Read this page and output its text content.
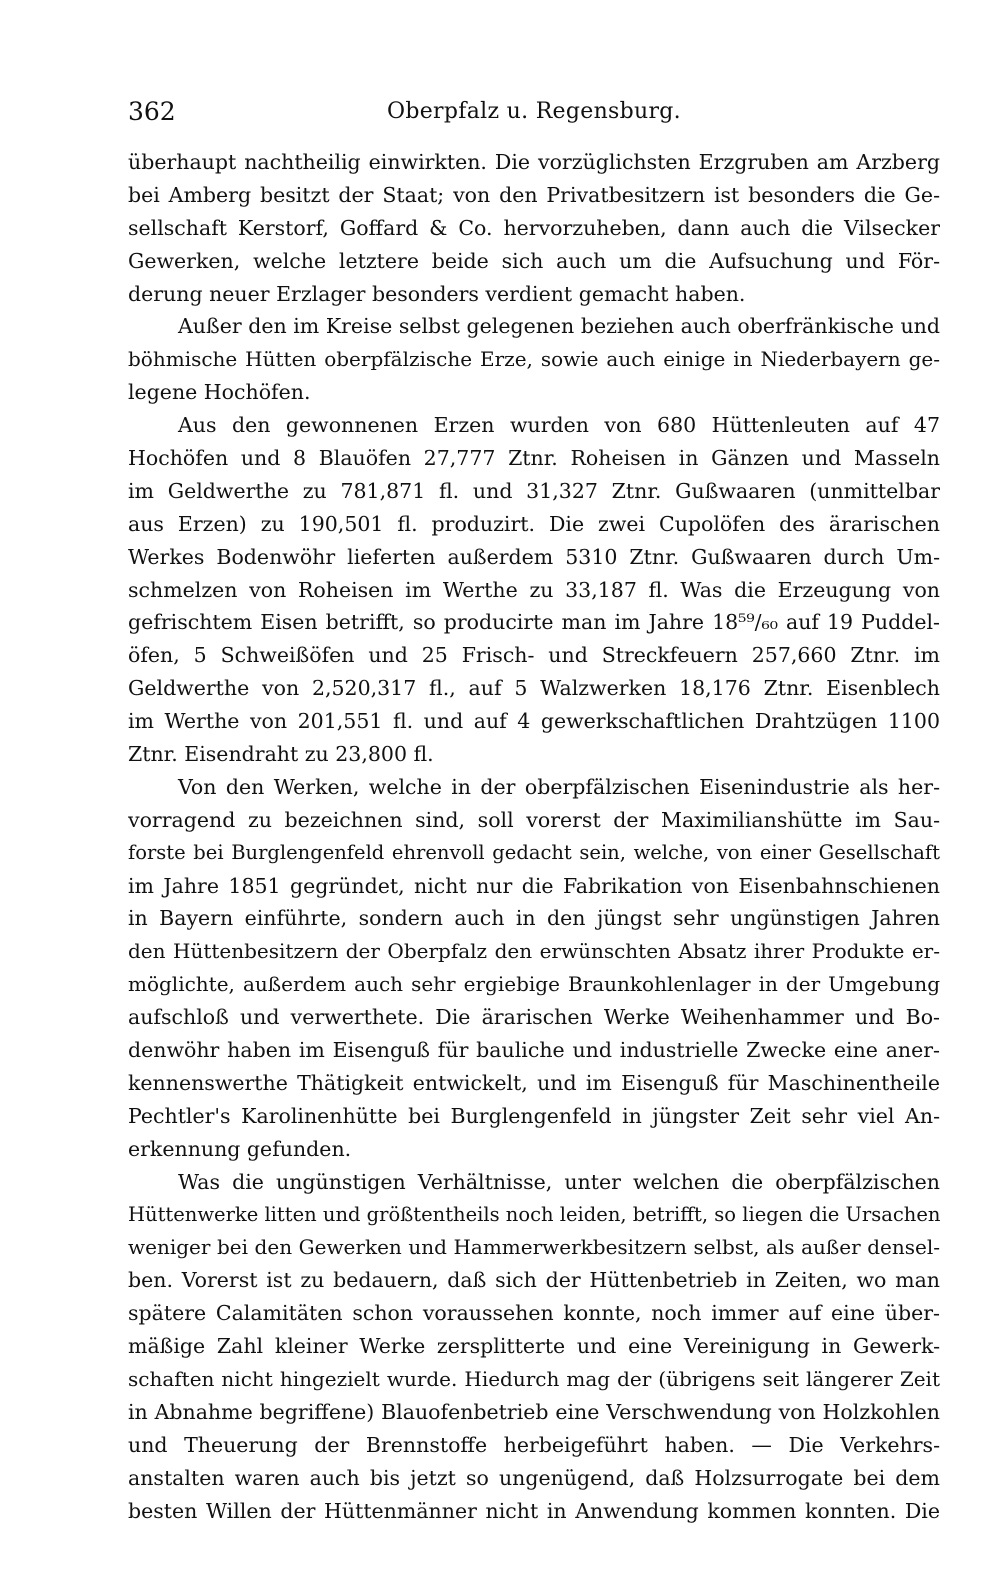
362	Oberpfalz u. Regensburg.
überhaupt nachtheilig einwirkten. Die vorzüglichsten Erzgruben am Arzberg
bei Amberg besitzt der Staat; von den Privatbesitzern ist besonders die Ge-
sellschaft Kerstorf, Goffard & Co. hervorzuheben, dann auch die Vilsecker
Gewerken, welche letztere beide sich auch um die Aufsuchung und För-
derung neuer Erzlager besonders verdient gemacht haben.
Außer den im Kreise selbst gelegenen beziehen auch oberfränkische und
böhmische Hütten oberpfälzische Erze, sowie auch einige in Niederbayern ge-
legene Hochöfen.
Aus den gewonnenen Erzen wurden von 680 Hüttenleuten auf 47
Hochöfen und 8 Blauöfen 27,777 Ztnr. Roheisen in Gänzen und Masseln
im Geldwerthe zu 781,871 fl. und 31,327 Ztnr. Gußwaaren (unmittelbar
aus Erzen) zu 190,501 fl. produzirt. Die zwei Cupolöfen des ärarischen
Werkes Bodenwöhr lieferten außerdem 5310 Ztnr. Gußwaaren durch Um-
schmelzen von Roheisen im Werthe zu 33,187 fl. Was die Erzeugung von
gefrischtem Eisen betrifft, so producirte man im Jahre 18⁵⁹/₆₀ auf 19 Puddel-
öfen, 5 Schweißöfen und 25 Frisch- und Streckfeuern 257,660 Ztnr. im
Geldwerthe von 2,520,317 fl., auf 5 Walzwerken 18,176 Ztnr. Eisenblech
im Werthe von 201,551 fl. und auf 4 gewerkschaftlichen Drahtzügen 1100
Ztnr. Eisendraht zu 23,800 fl.
Von den Werken, welche in der oberpfälzischen Eisenindustrie als her-
vorragend zu bezeichnen sind, soll vorerst der Maximilianshütte im Sau-
forste bei Burglengenfeld ehrenvoll gedacht sein, welche, von einer Gesellschaft
im Jahre 1851 gegründet, nicht nur die Fabrikation von Eisenbahnschienen
in Bayern einführte, sondern auch in den jüngst sehr ungünstigen Jahren
den Hüttenbesitzern der Oberpfalz den erwünschten Absatz ihrer Produkte er-
möglichte, außerdem auch sehr ergiebige Braunkohlenlager in der Umgebung
aufschloß und verwerthete. Die ärarischen Werke Weihenhammer und Bo-
denwöhr haben im Eisenguß für bauliche und industrielle Zwecke eine aner-
kennenswerthe Thätigkeit entwickelt, und im Eisenguß für Maschinentheile
Pechtler's Karolinenhütte bei Burglengenfeld in jüngster Zeit sehr viel An-
erkennung gefunden.
Was die ungünstigen Verhältnisse, unter welchen die oberpfälzischen
Hüttenwerke litten und größtentheils noch leiden, betrifft, so liegen die Ursachen
weniger bei den Gewerken und Hammerwerkbesitzern selbst, als außer densel-
ben. Vorerst ist zu bedauern, daß sich der Hüttenbetrieb in Zeiten, wo man
spätere Calamitäten schon voraussehen konnte, noch immer auf eine über-
mäßige Zahl kleiner Werke zersplitterte und eine Vereinigung in Gewerk-
schaften nicht hingezielt wurde. Hiedurch mag der (übrigens seit längerer Zeit
in Abnahme begriffene) Blauofenbetrieb eine Verschwendung von Holzkohlen
und Theuerung der Brennstoffe herbeigeführt haben. — Die Verkehrs-
anstalten waren auch bis jetzt so ungenügend, daß Holzsurrogate bei dem
besten Willen der Hüttenmänner nicht in Anwendung kommen konnten. Die
